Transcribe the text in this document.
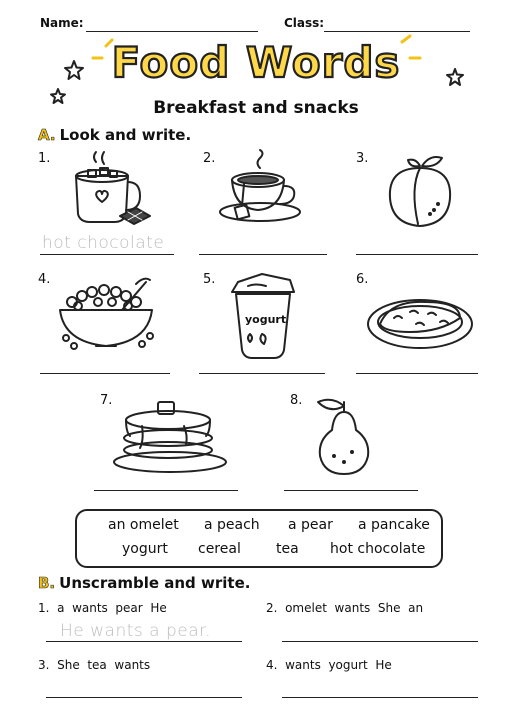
Name:	Class:
Food Words
Breakfast and snacks
A. Look and write.
1.
hot chocolate
2.	3.
4.	5.
yogurt
6.
7.	8.
an omelet a peach a pear a pancake
yogurt cereal	tea hot chocolate
B. Unscramble and write.
1. a  wants  pear  He
He wants a pear.
2. omelet  wants  She  an
3. She  tea  wants	4. wants  yogurt  He
